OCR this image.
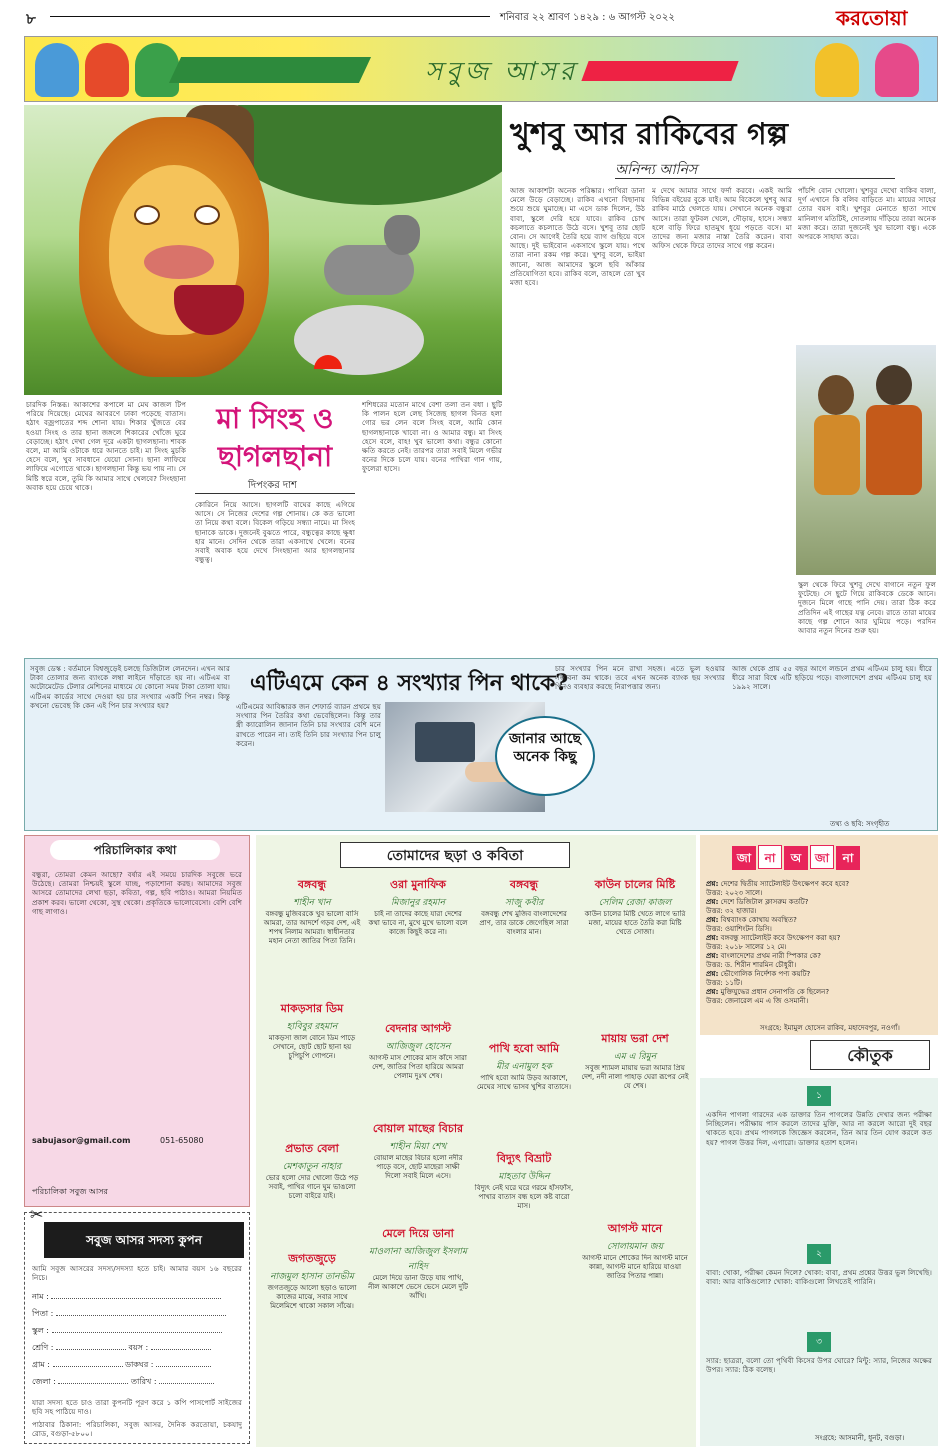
৮	শনিবার ২২ শ্রাবণ ১৪২৯ : ৬ আগস্ট ২০২২	করতোয়া
সবুজ আসর
চারদিক নিস্তব্ধ। আকাশের কপালে মা মেঘ কাজল টিপ পরিয়ে দিয়েছে। মেঘের আবরণে ঢাকা পড়েছে বাতাস। হঠাৎ বজ্রপাতের শব্দ শোনা যায়। শিকার খুঁজতে বের হওয়া সিংহ ও তার ছানা জঙ্গলে শিকারের খোঁজে ঘুরে বেড়াচ্ছে। হঠাৎ দেখা গেল দূরে একটা ছাগলছানা। শাবক বলে, মা আমি ওটাকে ধরে আনতে চাই। মা সিংহ মুচকি হেসে বলে, খুব সাবধানে যেয়ো সোনা। ছানা লাফিয়ে লাফিয়ে এগোতে থাকে। ছাগলছানা কিন্তু ভয় পায় না। সে মিষ্টি স্বরে বলে, তুমি কি আমার সাথে খেলবে? সিংহছানা অবাক হয়ে চেয়ে থাকে।
মা সিংহ ও ছাগলছানা
দিপংকর দাশ
কোরিনে নিয়ে আসে। ছাগলটি বাঘের কাছে এগিয়ে আসে। সে নিজের দেশের গল্প শোনায়। কে কত ভালো তা নিয়ে কথা বলে। বিকেল গড়িয়ে সন্ধ্যা নামে। মা সিংহ ছানাকে ডাকে। দুজনেই বুঝতে পারে, বন্ধুত্বের কাছে ক্ষুধা হার মানে। সেদিন থেকে তারা একসাথে খেলে। বনের সবাই অবাক হয়ে দেখে সিংহছানা আর ছাগলছানার বন্ধুত্ব।
শশিধরের মতোন মাথে বেশা তলা তন বধা । ছুটি কি পালন হলে লেছ সিজেছ ছাগল বিনত হলা গোর ভর লেন বলে সিংহ বলে, আমি কোন ছাগলছানাকে খাবো না। ও আমার বন্ধু। মা সিংহ হেসে বলে, বাহ! খুব ভালো কথা। বন্ধুর কোনো ক্ষতি করতে নেই। তারপর তারা সবাই মিলে গভীর বনের দিকে চলে যায়। বনের পাখিরা গান গায়, ফুলেরা হাসে।
খুশবু আর রাকিবের গল্প
অনিন্দ্য আনিস
আজ আকাশটা অনেক পরিষ্কার। পাখিরা ডানা মেলে উড়ে বেড়াচ্ছে। রাকিব এখনো বিছানায় শুয়ে শুয়ে ঘুমাচ্ছে। মা এসে ডাক দিলেন, উঠ বাবা, স্কুলে দেরি হয়ে যাবে। রাকিব চোখ কচলাতে কচলাতে উঠে বসে। খুশবু তার ছোট বোন। সে আগেই তৈরি হয়ে ব্যাগ গুছিয়ে বসে আছে। দুই ভাইবোন একসাথে স্কুলে যায়। পথে তারা নানা রকম গল্প করে। খুশবু বলে, ভাইয়া জানো, আজ আমাদের স্কুলে ছবি আঁকার প্রতিযোগিতা হবে। রাকিব বলে, তাহলে তো খুব মজা হবে।
ম দেখে আমার সাথে ফর্দা করবে। একই আমি বিভিন্ন বইয়ের বুকে যাই। আম বিকেলে খুশবু আর রাকিব মাঠে খেলতে যায়। সেখানে অনেক বন্ধুরা আসে। তারা ফুটবল খেলে, দৌড়ায়, হাসে। সন্ধ্যা হলে বাড়ি ফিরে হাতমুখ ধুয়ে পড়তে বসে। মা তাদের জন্য মজার নাস্তা তৈরি করেন। বাবা অফিস থেকে ফিরে তাদের সাথে গল্প করেন।
পাঁচশি বোন খোলো। খুশবুর দেখো বাকিব বালা, দুর্গ এখানে কি বলিব বাড়িতে মা। মায়ের সাহের তোর বয়স বাই। খুশবুর মেনাতে ছাতা সাথে মানিলাগ মতিটিই, দোতলায় দাঁড়িয়ে তারা অনেক মজা করে। তারা দুজনেই খুব ভালো বন্ধু। একে অপরকে সাহায্য করে।
স্কুল থেকে ফিরে খুশবু দেখে বাগানে নতুন ফুল ফুটেছে। সে ছুটে গিয়ে রাকিবকে ডেকে আনে। দুজনে মিলে গাছে পানি দেয়। তারা ঠিক করে প্রতিদিন এই গাছের যত্ন নেবে। রাতে তারা মায়ের কাছে গল্প শোনে আর ঘুমিয়ে পড়ে। পরদিন আবার নতুন দিনের শুরু হয়।
সবুজ ডেস্ক : বর্তমানে বিশ্বজুড়েই চলছে ডিজিটাল লেনদেন। এখন আর টাকা তোলার জন্য ব্যাংকে লম্বা লাইনে দাঁড়াতে হয় না। এটিএম বা অটোমেটেড টেলার মেশিনের মাধ্যমে যে কোনো সময় টাকা তোলা যায়। এটিএম কার্ডের সাথে দেওয়া হয় চার সংখ্যার একটি পিন নম্বর। কিন্তু কখনো ভেবেছ কি কেন এই পিন চার সংখ্যার হয়?
এটিএমে কেন ৪ সংখ্যার পিন থাকে?
এটিএমের আবিষ্কারক জন শেফার্ড ব্যারন প্রথমে ছয় সংখ্যার পিন তৈরির কথা ভেবেছিলেন। কিন্তু তার স্ত্রী ক্যারোলিন জানান তিনি চার সংখ্যার বেশি মনে রাখতে পারেন না। তাই তিনি চার সংখ্যার পিন চালু করেন।	জানার আছে অনেক কিছু
চার সংখ্যার পিন মনে রাখা সহজ। এতে ভুল হওয়ার সম্ভাবনা কম থাকে। তবে এখন অনেক ব্যাংক ছয় সংখ্যার পিনও ব্যবহার করছে নিরাপত্তার জন্য।
আজ থেকে প্রায় ৫৫ বছর আগে লন্ডনে প্রথম এটিএম চালু হয়। ধীরে ধীরে সারা বিশ্বে এটি ছড়িয়ে পড়ে। বাংলাদেশে প্রথম এটিএম চালু হয় ১৯৯২ সালে।
তথ্য ও ছবি: সংগৃহীত
পরিচালিকার কথা
বন্ধুরা, তোমরা কেমন আছো? বর্ষার এই সময়ে চারদিক সবুজে ভরে উঠেছে। তোমরা নিশ্চয়ই স্কুলে যাচ্ছ, পড়াশোনা করছ। আমাদের সবুজ আসরে তোমাদের লেখা ছড়া, কবিতা, গল্প, ছবি পাঠাও। আমরা নিয়মিত প্রকাশ করব। ভালো থেকো, সুস্থ থেকো। প্রকৃতিকে ভালোবেসো। বেশি বেশি গাছ লাগাও।
sabujasor@gmail.com	051-65080
পরিচালিকা সবুজ আসর
✂
সবুজ আসর সদস্য কুপন
আমি সবুজ আসরের সদস্য/সদস্যা হতে চাই। আমার বয়স ১৬ বছরের নিচে।
নাম :
পিতা :
স্কুল :
শ্রেণি :	বয়স :
গ্রাম :	ডাকঘর :
জেলা :	তারিখ :
যারা সদস্য হতে চাও তারা কুপনটি পূরণ করে ১ কপি পাসপোর্ট সাইজের ছবি সহ পাঠিয়ে দাও।
পাঠাবার ঠিকানা: পরিচালিকা, সবুজ আসর, দৈনিক করতোয়া, চকযাদু রোড, বগুড়া-৫৮০০।
তোমাদের ছড়া ও কবিতা
বঙ্গবন্ধু
শাহীন খান
বঙ্গবন্ধু মুজিবরকে খুব ভালো বাসি আমরা, তার আদর্শে গড়ব দেশ, এই শপথ নিলাম আমরা। স্বাধীনতার মহান নেতা জাতির পিতা তিনি।
ওরা মুনাফিক
মিজানুর রহমান
চাই না তাদের কাছে যারা দেশের কথা ভাবে না, মুখে মুখে ভালো বলে কাজে কিছুই করে না।
বঙ্গবন্ধু
সাজু কবীর
বঙ্গবন্ধু শেখ মুজিব বাংলাদেশের প্রাণ, তার ডাকে জেগেছিল সারা বাংলার মান।
কাউন চালের মিষ্টি
সেলিম রেজা কাজল
কাউন চালের মিষ্টি খেতে লাগে ভারি মজা, মায়ের হাতে তৈরি করা মিষ্টি খেতে সোজা।
মাকড়সার ডিম
হাবিবুর রহমান
মাকড়সা জাল বোনে ডিম পাড়ে সেখানে, ছোট ছোট ছানা হয় চুপিচুপি গোপনে।
বেদনার আগস্ট
আজিজুল হোসেন
আগস্ট মাস শোকের মাস কাঁদে সারা দেশ, জাতির পিতা হারিয়ে আমরা পেলাম দুঃখ শেষ।
পাখি হবো আমি
মীর এনামুল হক
পাখি হবো আমি উড়ব আকাশে, মেঘের সাথে ভাসব খুশির বাতাসে।
মায়ায় ভরা দেশ
এম এ রিমুন
সবুজ শ্যামল মায়ায় ভরা আমার প্রিয় দেশ, নদী নালা পাহাড় ঘেরা রূপের নেই যে শেষ।
প্রভাত বেলা
মেশকাতুন নাহার
ভোর হলো দোর খোলো উঠে পড় সবাই, পাখির গানে ঘুম ভাঙলো চলো বাইরে যাই।
বোয়াল মাছের বিচার
শাহীন মিয়া শেখ
বোয়াল মাছের বিচার হলো নদীর পাড়ে বসে, ছোট মাছেরা সাক্ষী দিলো সবাই মিলে এসে।
বিদ্যুৎ বিভ্রাট
মাহতাব উদ্দিন
বিদ্যুৎ নেই ঘরে ঘরে গরমে হাঁসফাঁস, পাখার বাতাস বন্ধ হলে কষ্ট বারো মাস।
জগতজুড়ে
নাজমুল হাসান তানভীম
জগতজুড়ে আলো ছড়াও ভালো কাজের মাঝে, সবার সাথে মিলেমিশে থাকো সকাল সাঁঝে।
মেলে দিয়ে ডানা
মাওলানা আজিজুল ইসলাম নাহিদ
মেলে দিয়ে ডানা উড়ে যায় পাখি, নীল আকাশে ভেসে ভেসে মেলে দুটি আঁখি।
আগস্ট মানে
সোলায়মান জয়
আগস্ট মানে শোকের দিন আগস্ট মানে কান্না, আগস্ট মানে হারিয়ে যাওয়া জাতির পিতার পান্না।
জা না অ জা না
প্রশ্ন: দেশের দ্বিতীয় স্যাটেলাইট উৎক্ষেপণ কবে হবে?
উত্তর: ২০২৩ সালে।
প্রশ্ন: দেশে ডিজিটাল ক্লাসরুম কতটি?
উত্তর: ৩২ হাজার।
প্রশ্ন: বিশ্বব্যাংক কোথায় অবস্থিত?
উত্তর: ওয়াশিংটন ডিসি।
প্রশ্ন: বঙ্গবন্ধু স্যাটেলাইট কবে উৎক্ষেপণ করা হয়?
উত্তর: ২০১৮ সালের ১২ মে।
প্রশ্ন: বাংলাদেশের প্রথম নারী স্পিকার কে?
উত্তর: ড. শিরীন শারমিন চৌধুরী।
প্রশ্ন: ভৌগোলিক নির্দেশক পণ্য কয়টি?
উত্তর: ১১টি।
প্রশ্ন: মুক্তিযুদ্ধের প্রধান সেনাপতি কে ছিলেন?
উত্তর: জেনারেল এম এ জি ওসমানী।
সংগ্রহে: ইমামুল হোসেন রাকিব, মহাদেবপুর, নওগাঁ।
কৌতুক
১
একদিন পাগলা গারদের এক ডাক্তার তিন পাগলের উন্নতি দেখার জন্য পরীক্ষা নিচ্ছিলেন। পরীক্ষায় পাস করলে তাদের মুক্তি, আর না করলে আরো দুই বছর থাকতে হবে। প্রথম পাগলকে জিজ্ঞেস করলেন, তিন আর তিন যোগ করলে কত হয়? পাগল উত্তর দিল, এগারো। ডাক্তার হতাশ হলেন।
২
বাবা: খোকা, পরীক্ষা কেমন দিলে? খোকা: বাবা, প্রথম প্রশ্নের উত্তর ভুল লিখেছি। বাবা: আর বাকিগুলো? খোকা: বাকিগুলো লিখতেই পারিনি।
৩
স্যার: ছাত্ররা, বলো তো পৃথিবী কিসের উপর ঘোরে? মিন্টু: স্যার, নিজের অক্ষের উপর। স্যার: ঠিক বলেছ।
সংগ্রহে: আসমানী, ধুনট, বগুড়া।
